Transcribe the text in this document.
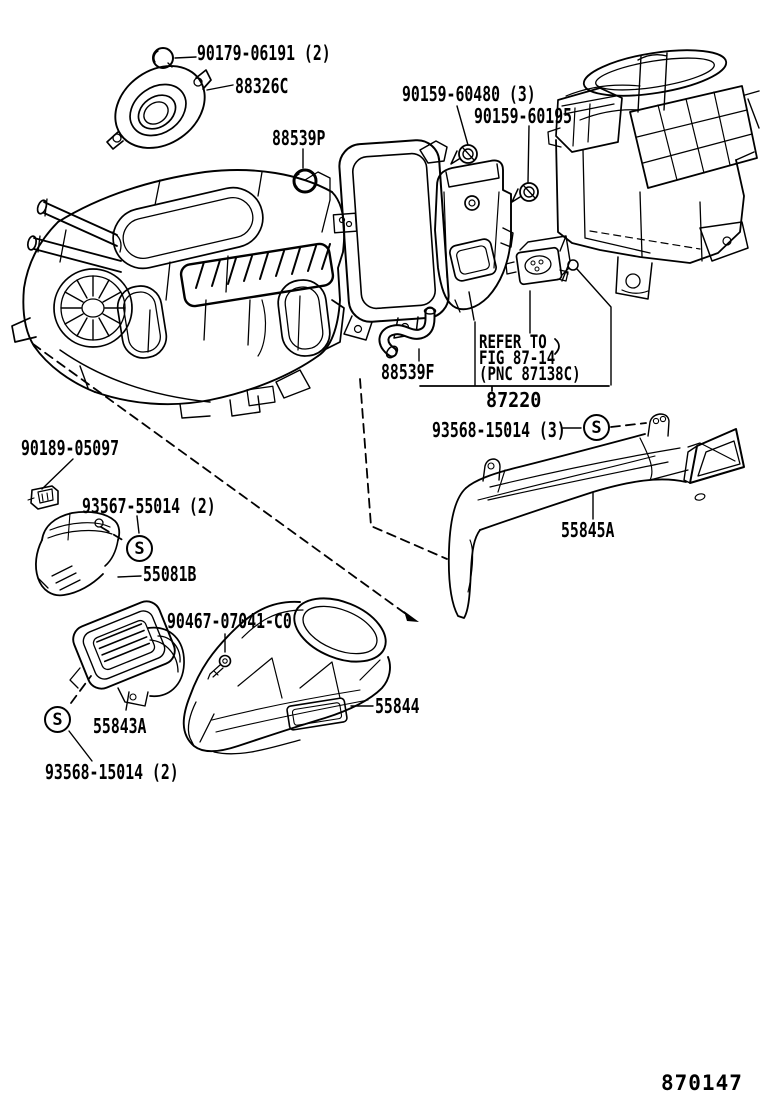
90179-06191 (2)
88326C
88539P
90159-60480 (3)
90159-60195
REFER TO
FIG 87-14
(PNC 87138C)
88539F
87220
93568-15014 (3)	S
55845A
90189-05097
93567-55014 (2)
S
55081B
90467-07041-C0
55843A
55844
S
93568-15014 (2)
870147
